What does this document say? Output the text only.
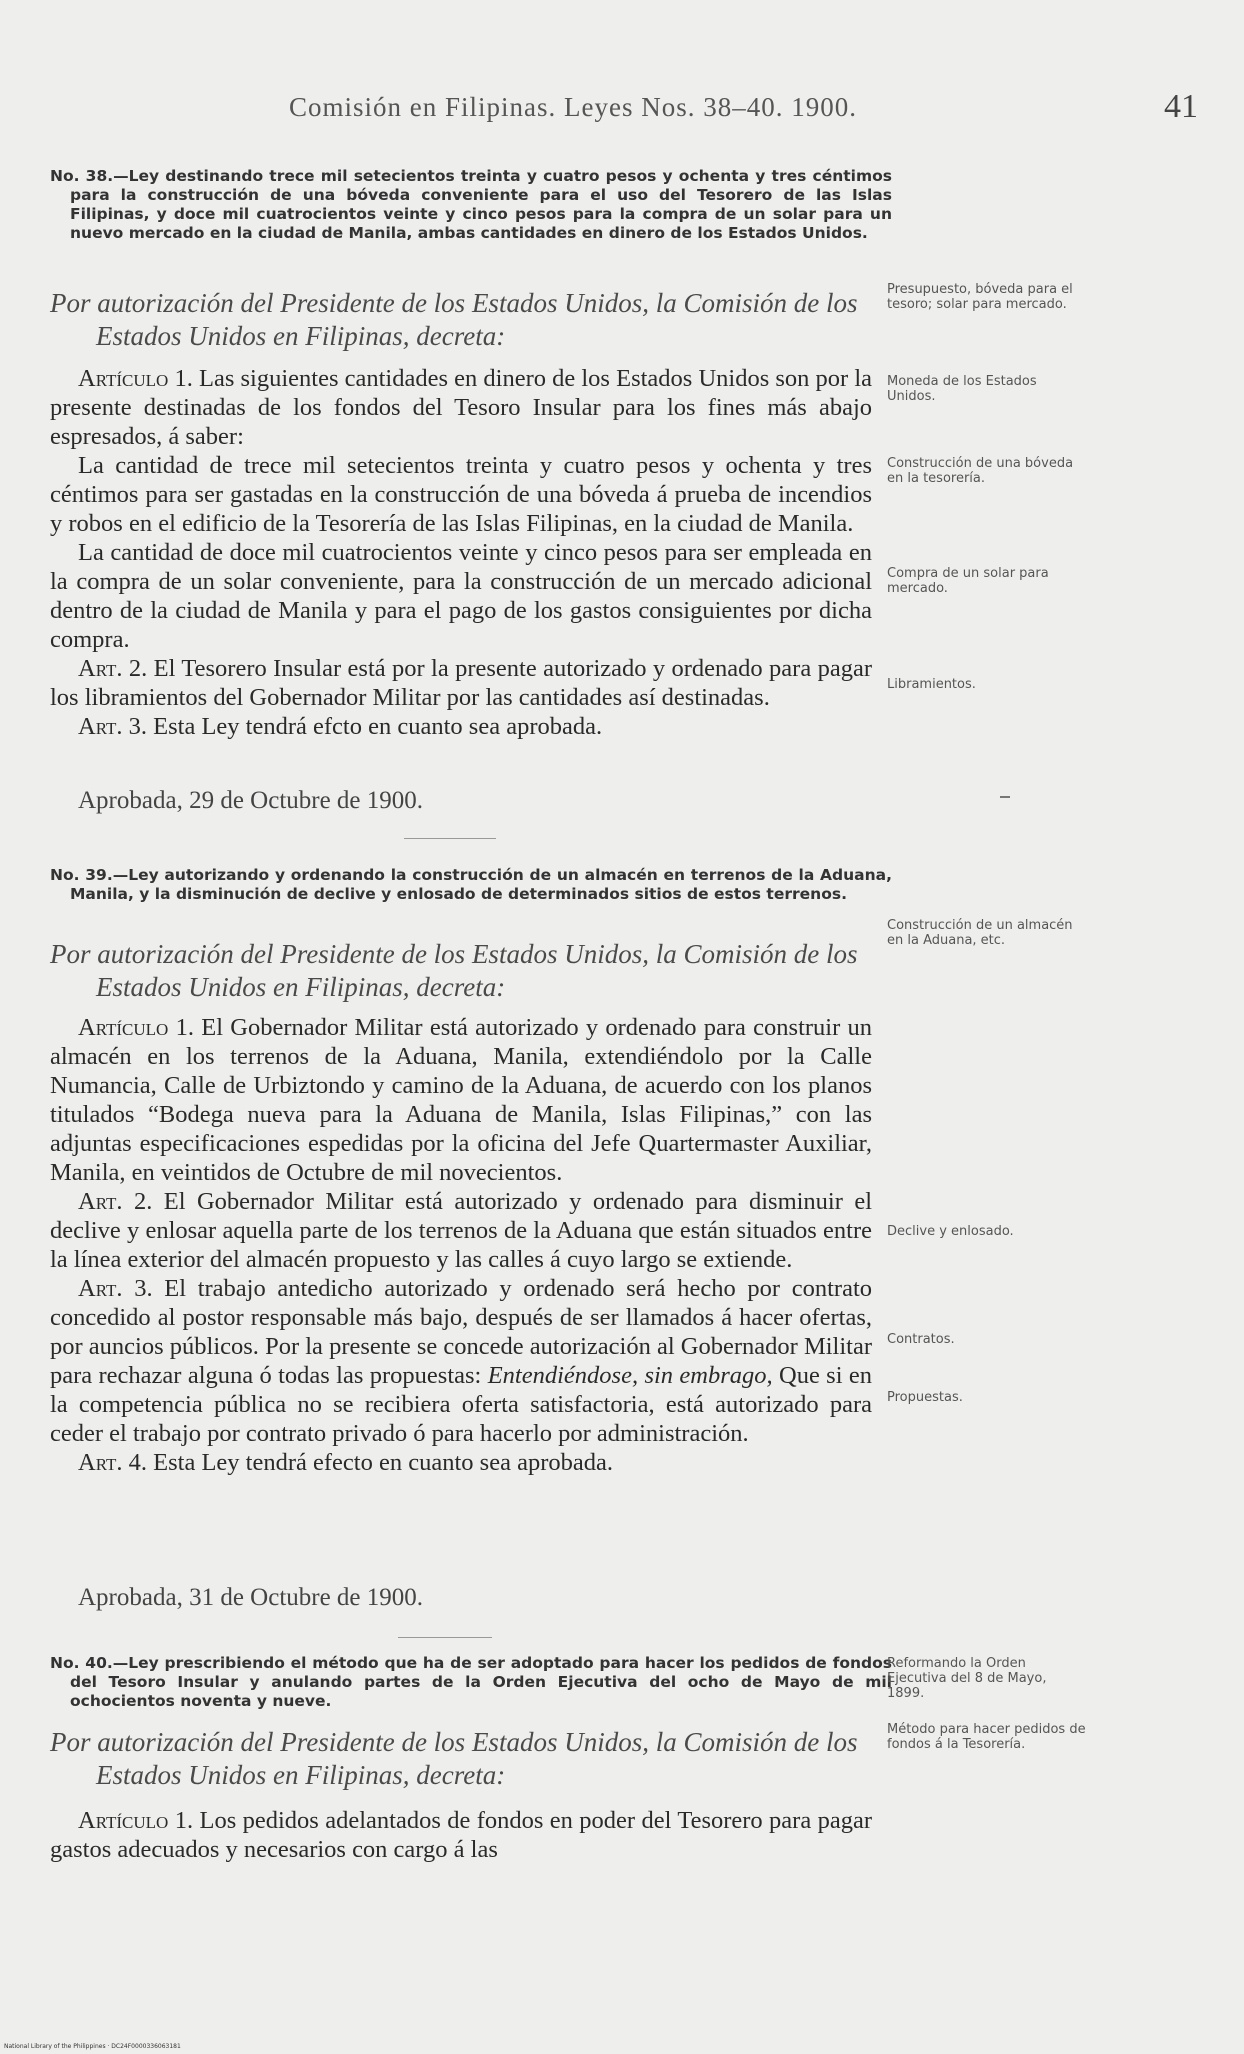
Comisión en Filipinas. Leyes Nos. 38–40. 1900.	41
No. 38.—Ley destinando trece mil setecientos treinta y cuatro pesos y ochenta y tres céntimos para la construcción de una bóveda conveniente para el uso del Tesorero de las Islas Filipinas, y doce mil cuatrocientos veinte y cinco pesos para la compra de un solar para un nuevo mercado en la ciudad de Manila, ambas cantidades en dinero de los Estados Unidos.
Por autorización del Presidente de los Estados Unidos, la Comisión de los Estados Unidos en Filipinas, decreta:

Artículo 1. Las siguientes cantidades en dinero de los Estados Unidos son por la presente destinadas de los fondos del Tesoro Insular para los fines más abajo espresados, á saber:

La cantidad de trece mil setecientos treinta y cuatro pesos y ochenta y tres céntimos para ser gastadas en la construcción de una bóveda á prueba de incendios y robos en el edificio de la Tesorería de las Islas Filipinas, en la ciudad de Manila.

La cantidad de doce mil cuatrocientos veinte y cinco pesos para ser empleada en la compra de un solar conveniente, para la construcción de un mercado adicional dentro de la ciudad de Manila y para el pago de los gastos consiguientes por dicha compra.

Art. 2. El Tesorero Insular está por la presente autorizado y ordenado para pagar los libramientos del Gobernador Militar por las cantidades así destinadas.

Art. 3. Esta Ley tendrá efcto en cuanto sea aprobada.

Aprobada, 29 de Octubre de 1900.
Presupuesto, bóveda para el tesoro; solar para mercado.
Moneda de los Estados Unidos.
Construcción de una bóveda en la tesorería.
Compra de un solar para mercado.
Libramientos.
No. 39.—Ley autorizando y ordenando la construcción de un almacén en terrenos de la Aduana, Manila, y la disminución de declive y enlosado de determinados sitios de estos terrenos.
Por autorización del Presidente de los Estados Unidos, la Comisión de los Estados Unidos en Filipinas, decreta:

Artículo 1. El Gobernador Militar está autorizado y ordenado para construir un almacén en los terrenos de la Aduana, Manila, extendiéndolo por la Calle Numancia, Calle de Urbiztondo y camino de la Aduana, de acuerdo con los planos titulados “Bodega nueva para la Aduana de Manila, Islas Filipinas,” con las adjuntas especificaciones espedidas por la oficina del Jefe Quartermaster Auxiliar, Manila, en veintidos de Octubre de mil novecientos.

Art. 2. El Gobernador Militar está autorizado y ordenado para disminuir el declive y enlosar aquella parte de los terrenos de la Aduana que están situados entre la línea exterior del almacén propuesto y las calles á cuyo largo se extiende.

Art. 3. El trabajo antedicho autorizado y ordenado será hecho por contrato concedido al postor responsable más bajo, después de ser llamados á hacer ofertas, por auncios públicos. Por la presente se concede autorización al Gobernador Militar para rechazar alguna ó todas las propuestas: Entendiéndose, sin embrago, Que si en la competencia pública no se recibiera oferta satisfactoria, está autorizado para ceder el trabajo por contrato privado ó para hacerlo por administración.

Art. 4. Esta Ley tendrá efecto en cuanto sea aprobada.

Aprobada, 31 de Octubre de 1900.
Construcción de un almacén en la Aduana, etc.
Declive y enlosado.
Contratos.
Propuestas.
No. 40.—Ley prescribiendo el método que ha de ser adoptado para hacer los pedidos de fondos del Tesoro Insular y anulando partes de la Orden Ejecutiva del ocho de Mayo de mil ochocientos noventa y nueve.
Por autorización del Presidente de los Estados Unidos, la Comisión de los Estados Unidos en Filipinas, decreta:

Artículo 1. Los pedidos adelantados de fondos en poder del Tesorero para pagar gastos adecuados y necesarios con cargo á las

Reformando la Orden Ejecutiva del 8 de Mayo, 1899.
Método para hacer pedidos de fondos á la Tesorería.
National Library of the Philippines · DC24F0000336063181
